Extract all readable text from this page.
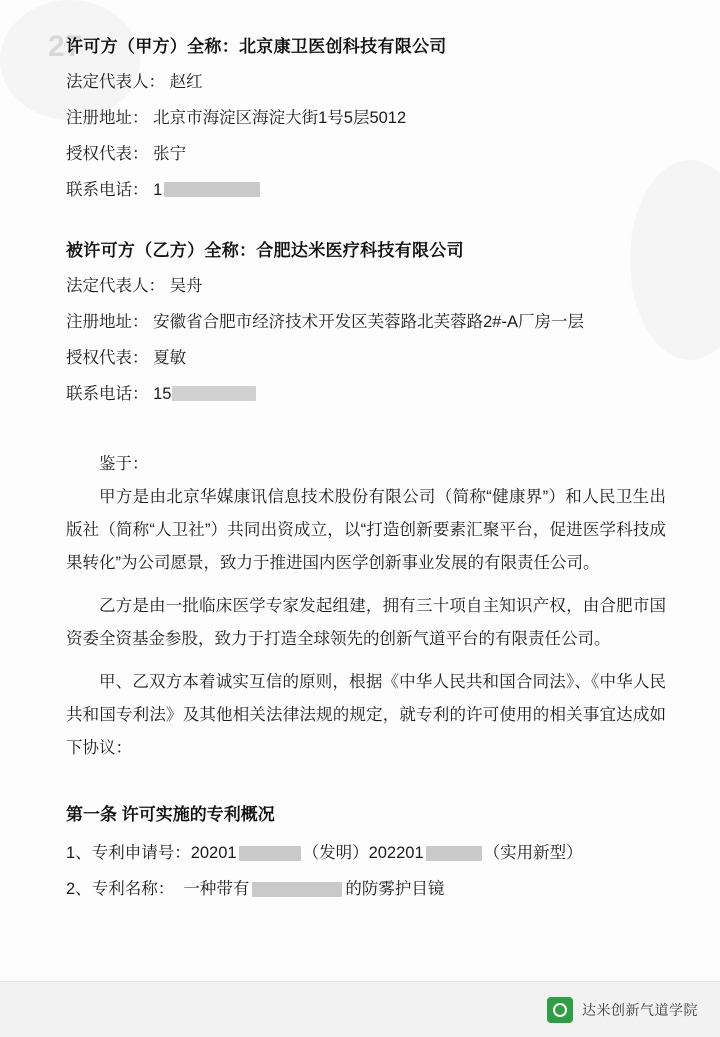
27
许可方（甲方）全称：北京康卫医创科技有限公司
法定代表人： 赵红
注册地址： 北京市海淀区海淀大街1号5层5012
授权代表： 张宁
联系电话： 1
被许可方（乙方）全称：合肥达米医疗科技有限公司
法定代表人： 吴舟
注册地址： 安徽省合肥市经济技术开发区芙蓉路北芙蓉路2#-A厂房一层
授权代表： 夏敏
联系电话： 15
鉴于：
甲方是由北京华媒康讯信息技术股份有限公司（简称“健康界”）和人民卫生出版社（简称“人卫社”）共同出资成立，以“打造创新要素汇聚平台，促进医学科技成果转化”为公司愿景，致力于推进国内医学创新事业发展的有限责任公司。
乙方是由一批临床医学专家发起组建，拥有三十项自主知识产权，由合肥市国资委全资基金参股，致力于打造全球领先的创新气道平台的有限责任公司。
甲、乙双方本着诚实互信的原则，根据《中华人民共和国合同法》、《中华人民共和国专利法》及其他相关法律法规的规定，就专利的许可使用的相关事宜达成如下协议：
第一条 许可实施的专利概况
1、专利申请号：20201	（发明）202201	（实用新型）
2、专利名称： 一种带有	的防雾护目镜
达米创新气道学院
